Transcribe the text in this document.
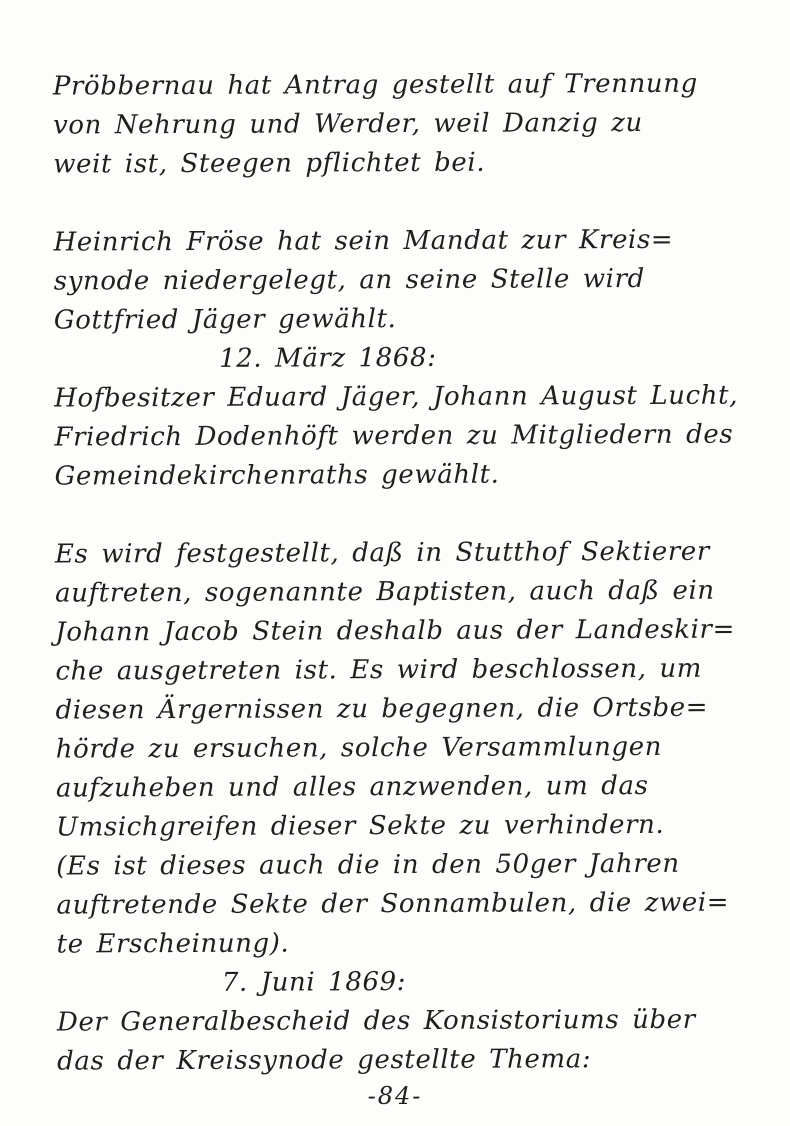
Pröbbernau hat Antrag gestellt auf Trennung
von Nehrung und Werder, weil Danzig zu
weit ist, Steegen pflichtet bei.
Heinrich Fröse hat sein Mandat zur Kreis=
synode niedergelegt, an seine Stelle wird
Gottfried Jäger gewählt.
12. März 1868:
Hofbesitzer Eduard Jäger, Johann August Lucht,
Friedrich Dodenhöft werden zu Mitgliedern des
Gemeindekirchenraths gewählt.
Es wird festgestellt, daß in Stutthof Sektierer
auftreten, sogenannte Baptisten, auch daß ein
Johann Jacob Stein deshalb aus der Landeskir=
che ausgetreten ist. Es wird beschlossen, um
diesen Ärgernissen zu begegnen, die Ortsbe=
hörde zu ersuchen, solche Versammlungen
aufzuheben und alles anzwenden, um das
Umsichgreifen dieser Sekte zu verhindern.
(Es ist dieses auch die in den 50ger Jahren
auftretende Sekte der Sonnambulen, die zwei=
te Erscheinung).
7. Juni 1869:
Der Generalbescheid des Konsistoriums über
das der Kreissynode gestellte Thema:
-84-
